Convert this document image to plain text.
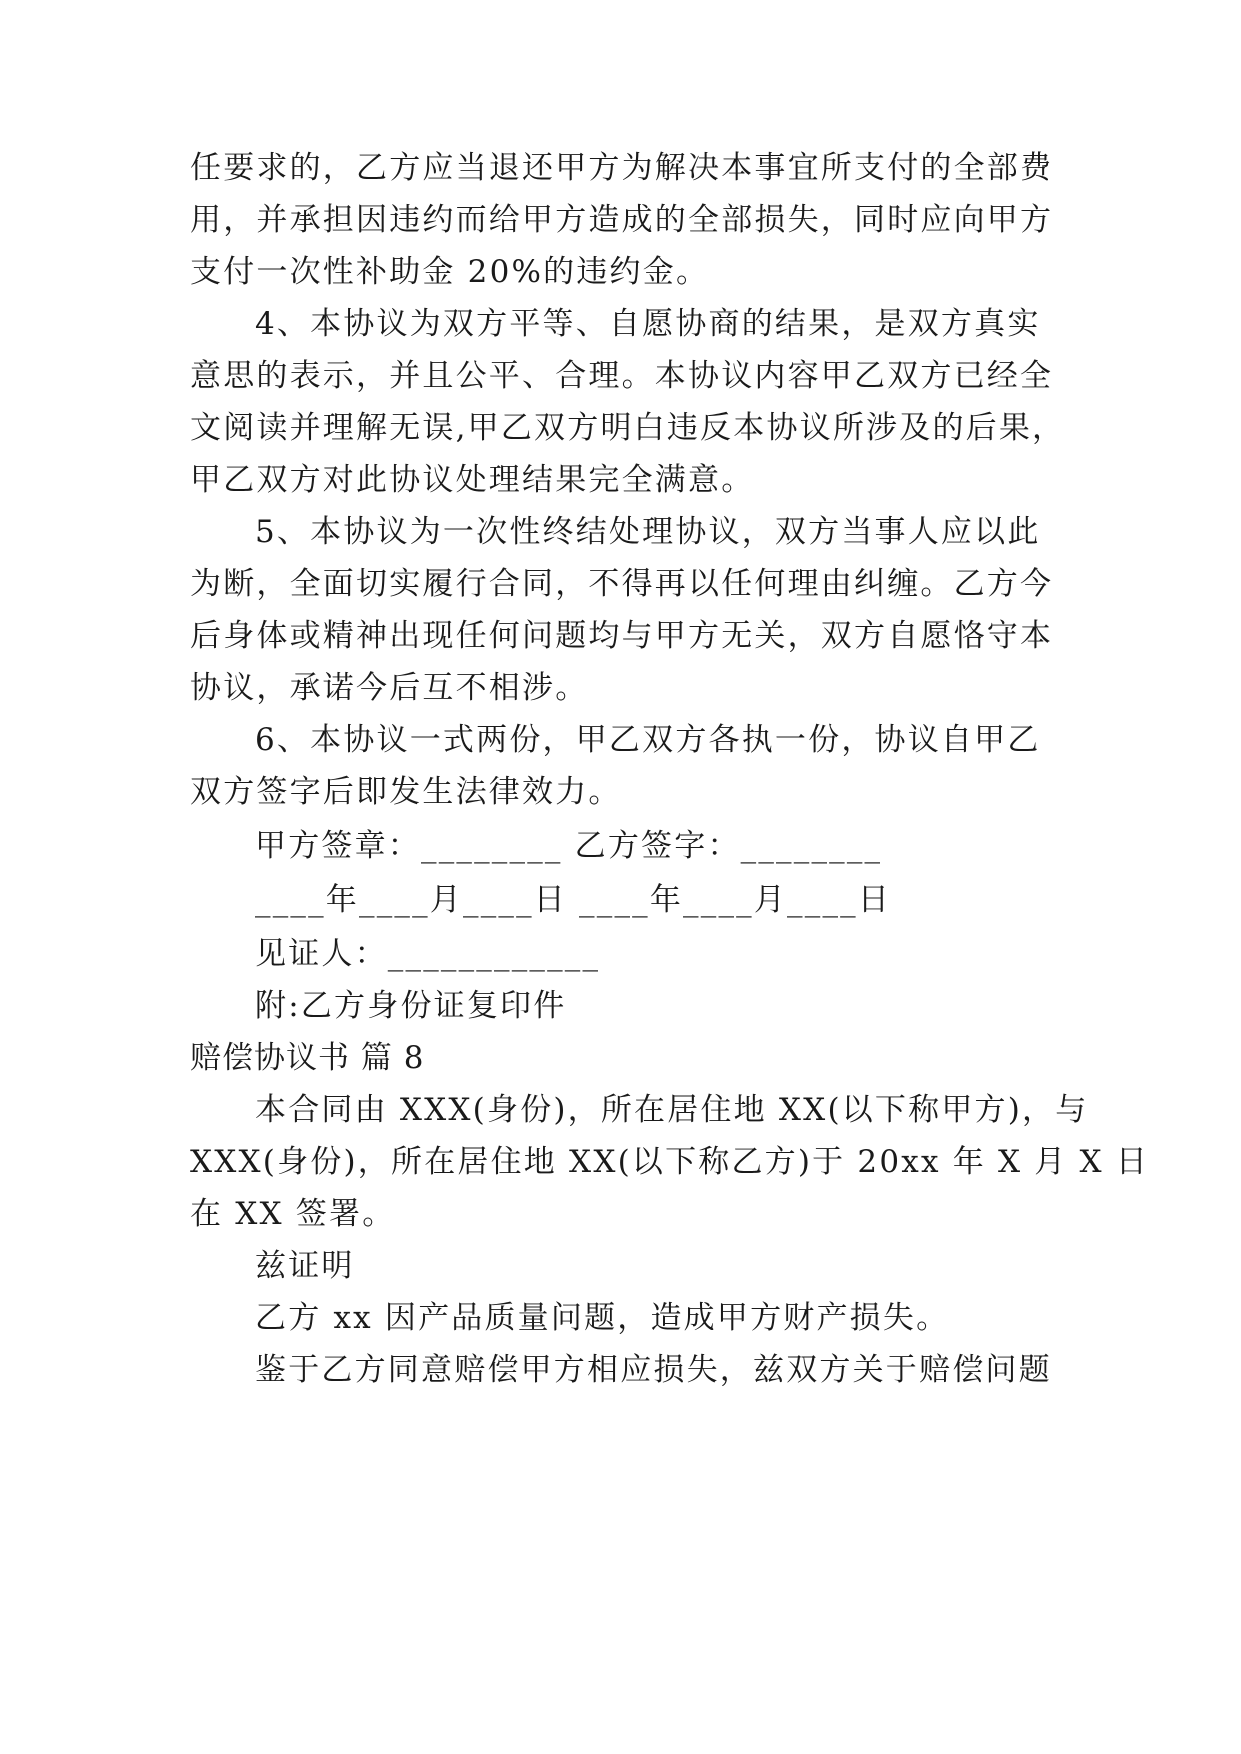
任要求的，乙方应当退还甲方为解决本事宜所支付的全部费
用，并承担因违约而给甲方造成的全部损失，同时应向甲方
支付一次性补助金 20%的违约金。
4、本协议为双方平等、自愿协商的结果，是双方真实
意思的表示，并且公平、合理。本协议内容甲乙双方已经全
文阅读并理解无误,甲乙双方明白违反本协议所涉及的后果，
甲乙双方对此协议处理结果完全满意。
5、本协议为一次性终结处理协议，双方当事人应以此
为断，全面切实履行合同，不得再以任何理由纠缠。乙方今
后身体或精神出现任何问题均与甲方无关，双方自愿恪守本
协议，承诺今后互不相涉。
6、本协议一式两份，甲乙双方各执一份，协议自甲乙
双方签字后即发生法律效力。
甲方签章：________ 乙方签字：________
____年____月____日 ____年____月____日
见证人：____________
附:乙方身份证复印件
赔偿协议书 篇 8
本合同由 XXX(身份)，所在居住地 XX(以下称甲方)，与
XXX(身份)，所在居住地 XX(以下称乙方)于 20xx 年 X 月 X 日
在 XX 签署。
兹证明
乙方 xx 因产品质量问题，造成甲方财产损失。
鉴于乙方同意赔偿甲方相应损失，兹双方关于赔偿问题
